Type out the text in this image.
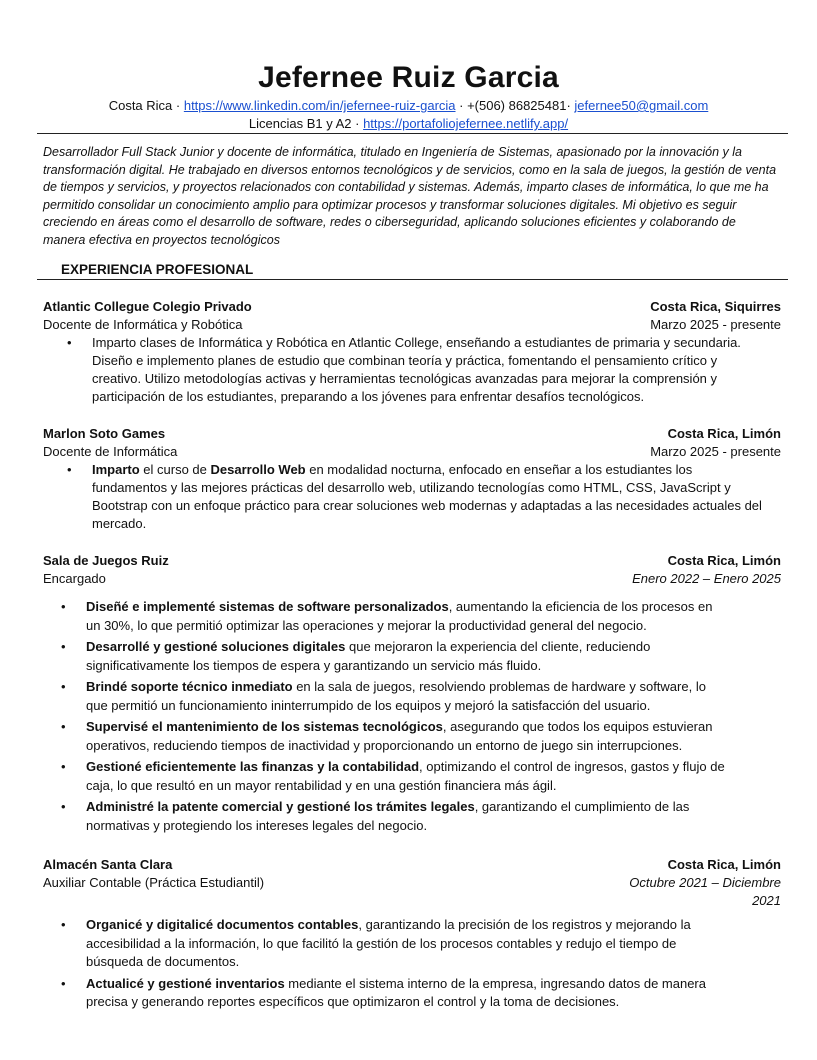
Jefernee Ruiz Garcia
Costa Rica · https://www.linkedin.com/in/jefernee-ruiz-garcia · +(506) 86825481· jefernee50@gmail.com
Licencias B1 y A2 · https://portafoliojefernee.netlify.app/
Desarrollador Full Stack Junior y docente de informática, titulado en Ingeniería de Sistemas, apasionado por la innovación y la transformación digital. He trabajado en diversos entornos tecnológicos y de servicios, como en la sala de juegos, la gestión de venta de tiempos y servicios, y proyectos relacionados con contabilidad y sistemas. Además, imparto clases de informática, lo que me ha permitido consolidar un conocimiento amplio para optimizar procesos y transformar soluciones digitales. Mi objetivo es seguir creciendo en áreas como el desarrollo de software, redes o ciberseguridad, aplicando soluciones eficientes y colaborando de manera efectiva en proyectos tecnológicos
EXPERIENCIA PROFESIONAL
Atlantic Collegue Colegio Privado	Costa Rica, Siquirres
Docente de Informática y Robótica	Marzo 2025 - presente
• Imparto clases de Informática y Robótica en Atlantic College, enseñando a estudiantes de primaria y secundaria. Diseño e implemento planes de estudio que combinan teoría y práctica, fomentando el pensamiento crítico y creativo. Utilizo metodologías activas y herramientas tecnológicas avanzadas para mejorar la comprensión y participación de los estudiantes, preparando a los jóvenes para enfrentar desafíos tecnológicos.
Marlon Soto Games	Costa Rica, Limón
Docente de Informática	Marzo 2025 - presente
• Imparto el curso de Desarrollo Web en modalidad nocturna, enfocado en enseñar a los estudiantes los fundamentos y las mejores prácticas del desarrollo web, utilizando tecnologías como HTML, CSS, JavaScript y Bootstrap con un enfoque práctico para crear soluciones web modernas y adaptadas a las necesidades actuales del mercado.
Sala de Juegos Ruiz	Costa Rica, Limón
Encargado	Enero 2022 – Enero 2025
• Diseñé e implementé sistemas de software personalizados, aumentando la eficiencia de los procesos en un 30%, lo que permitió optimizar las operaciones y mejorar la productividad general del negocio.
• Desarrollé y gestioné soluciones digitales que mejoraron la experiencia del cliente, reduciendo significativamente los tiempos de espera y garantizando un servicio más fluido.
• Brindé soporte técnico inmediato en la sala de juegos, resolviendo problemas de hardware y software, lo que permitió un funcionamiento ininterrumpido de los equipos y mejoró la satisfacción del usuario.
• Supervisé el mantenimiento de los sistemas tecnológicos, asegurando que todos los equipos estuvieran operativos, reduciendo tiempos de inactividad y proporcionando un entorno de juego sin interrupciones.
• Gestioné eficientemente las finanzas y la contabilidad, optimizando el control de ingresos, gastos y flujo de caja, lo que resultó en un mayor rentabilidad y en una gestión financiera más ágil.
• Administré la patente comercial y gestioné los trámites legales, garantizando el cumplimiento de las normativas y protegiendo los intereses legales del negocio.
Almacén Santa Clara	Costa Rica, Limón
Auxiliar Contable (Práctica Estudiantil)	Octubre 2021 – Diciembre
2021
• Organicé y digitalicé documentos contables, garantizando la precisión de los registros y mejorando la accesibilidad a la información, lo que facilitó la gestión de los procesos contables y redujo el tiempo de búsqueda de documentos.
• Actualicé y gestioné inventarios mediante el sistema interno de la empresa, ingresando datos de manera precisa y generando reportes específicos que optimizaron el control y la toma de decisiones.
